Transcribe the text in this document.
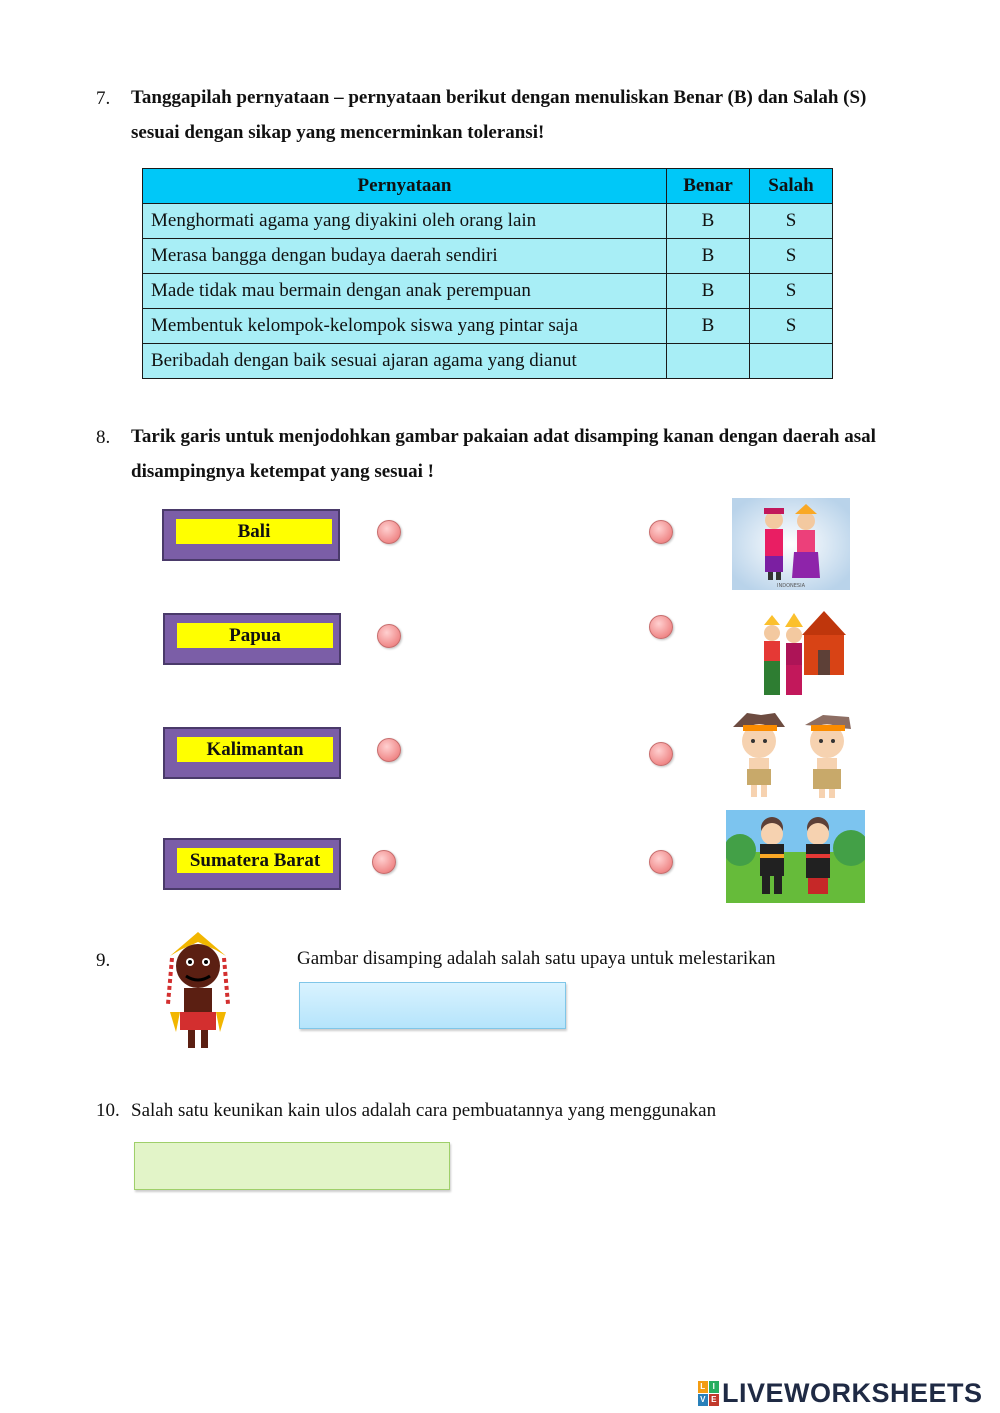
7. Tanggapilah pernyataan – pernyataan berikut dengan menuliskan Benar (B) dan Salah (S)
sesuai dengan sikap yang mencerminkan toleransi!
Pernyataan	Benar	Salah
Menghormati agama yang diyakini oleh orang lain	B	S
Merasa bangga dengan budaya daerah sendiri	B	S
Made tidak mau bermain dengan anak perempuan	B	S
Membentuk kelompok-kelompok siswa yang pintar saja	B	S
Beribadah dengan baik sesuai ajaran agama yang dianut		
8. Tarik garis untuk menjodohkan gambar pakaian adat disamping kanan dengan daerah asal
disampingnya ketempat yang sesuai !
Bali
Papua
Kalimantan
Sumatera Barat
INDONESIA
9.	Gambar disamping adalah salah satu upaya untuk melestarikan
10. Salah satu keunikan kain ulos adalah cara pembuatannya yang menggunakan
L I
V E LIVEWORKSHEETS
